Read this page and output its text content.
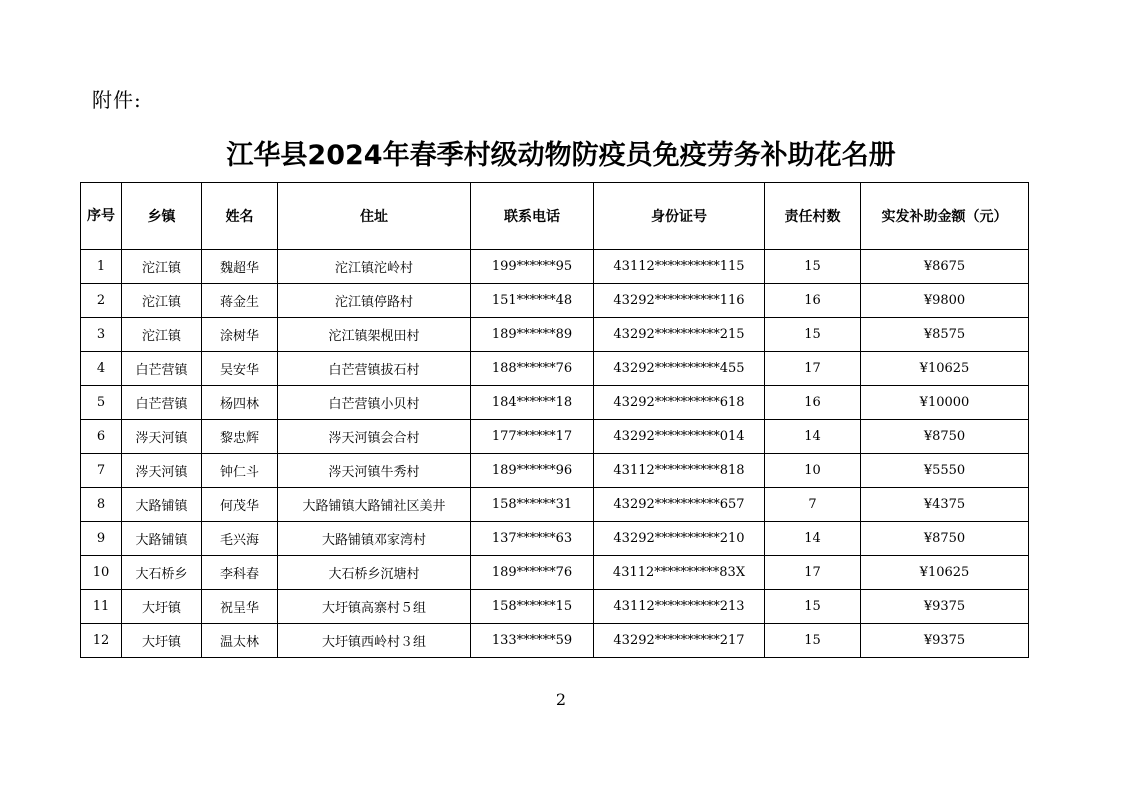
附件:
江华县2024年春季村级动物防疫员免疫劳务补助花名册
序号	乡镇	姓名	住址	联系电话	身份证号	责任村数	实发补助金额（元）
1	沱江镇	魏超华	沱江镇沱岭村	199******95	43112**********115	15	¥8675
2	沱江镇	蒋金生	沱江镇停路村	151******48	43292**********116	16	¥9800
3	沱江镇	涂树华	沱江镇架枧田村	189******89	43292**********215	15	¥8575
4	白芒营镇	吴安华	白芒营镇拔石村	188******76	43292**********455	17	¥10625
5	白芒营镇	杨四林	白芒营镇小贝村	184******18	43292**********618	16	¥10000
6	涔天河镇	黎忠辉	涔天河镇会合村	177******17	43292**********014	14	¥8750
7	涔天河镇	钟仁斗	涔天河镇牛秀村	189******96	43112**********818	10	¥5550
8	大路铺镇	何茂华	大路铺镇大路铺社区美井	158******31	43292**********657	7	¥4375
9	大路铺镇	毛兴海	大路铺镇邓家湾村	137******63	43292**********210	14	¥8750
10	大石桥乡	李科春	大石桥乡沉塘村	189******76	43112**********83X	17	¥10625
11	大圩镇	祝呈华	大圩镇高寨村５组	158******15	43112**********213	15	¥9375
12	大圩镇	温太林	大圩镇西岭村３组	133******59	43292**********217	15	¥9375
2
